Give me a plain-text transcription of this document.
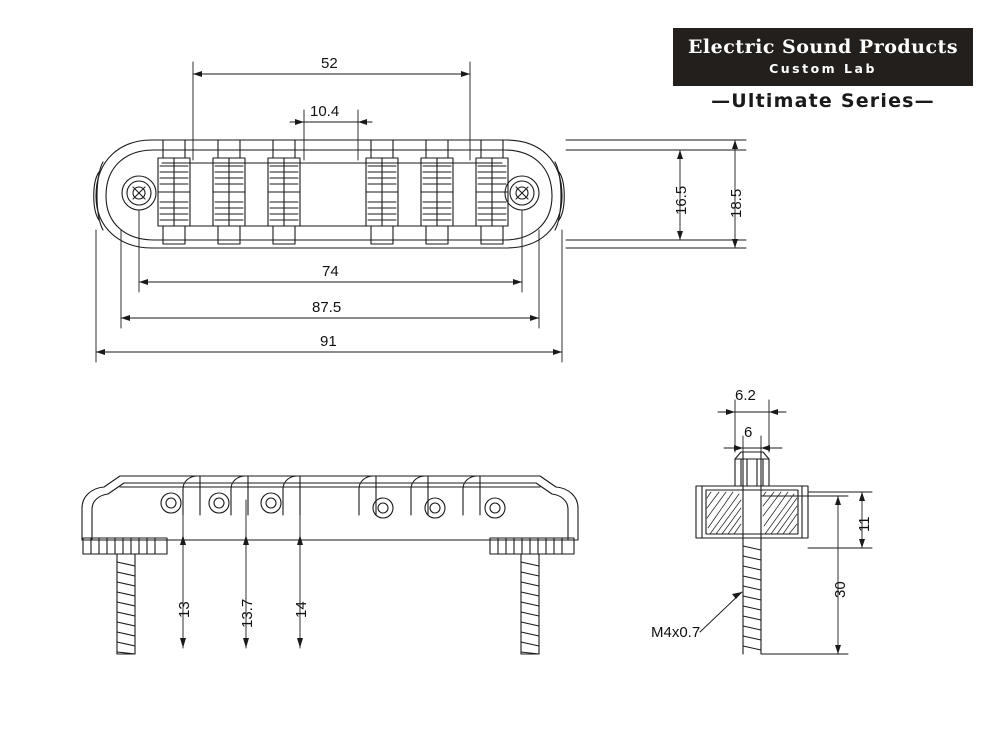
Electric Sound Products
Custom Lab
—Ultimate Series—
52
10.4
16.5	18.5
74
87.5
91
13	13.7 14
6.2
6
11
30
M4x0.7
